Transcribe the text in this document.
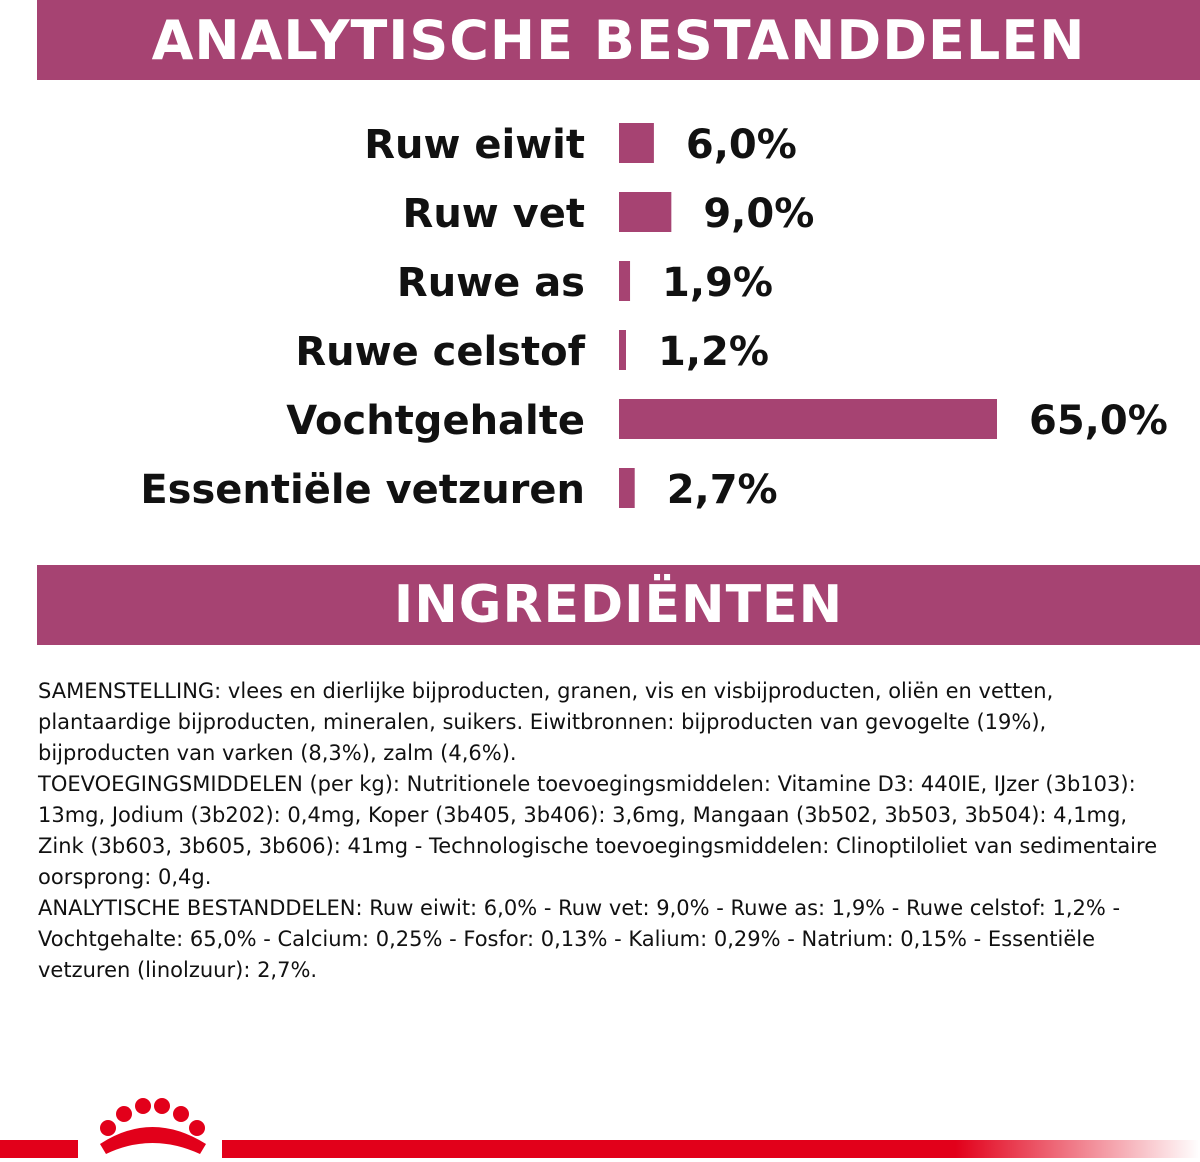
ANALYTISCHE BESTANDDELEN
Ruw eiwit	6,0%
Ruw vet	9,0%
Ruwe as 1,9%
Ruwe celstof 1,2%
Vochtgehalte	65,0%
Essentiële vetzuren 2,7%
INGREDIËNTEN

SAMENSTELLING: vlees en dierlijke bijproducten, granen, vis en visbijproducten, oliën en vetten, plantaardige bijproducten, mineralen, suikers. Eiwitbronnen: bijproducten van gevogelte (19%), bijproducten van varken (8,3%), zalm (4,6%).

TOEVOEGINGSMIDDELEN (per kg): Nutritionele toevoegingsmiddelen: Vitamine D3: 440IE, IJzer (3b103): 13mg, Jodium (3b202): 0,4mg, Koper (3b405, 3b406): 3,6mg, Mangaan (3b502, 3b503, 3b504): 4,1mg, Zink (3b603, 3b605, 3b606): 41mg - Technologische toevoegingsmiddelen: Clinoptiloliet van sedimentaire oorsprong: 0,4g.

ANALYTISCHE BESTANDDELEN: Ruw eiwit: 6,0% - Ruw vet: 9,0% - Ruwe as: 1,9% - Ruwe celstof: 1,2% - Vochtgehalte: 65,0% - Calcium: 0,25% - Fosfor: 0,13% - Kalium: 0,29% - Natrium: 0,15% - Essentiële vetzuren (linolzuur): 2,7%.
